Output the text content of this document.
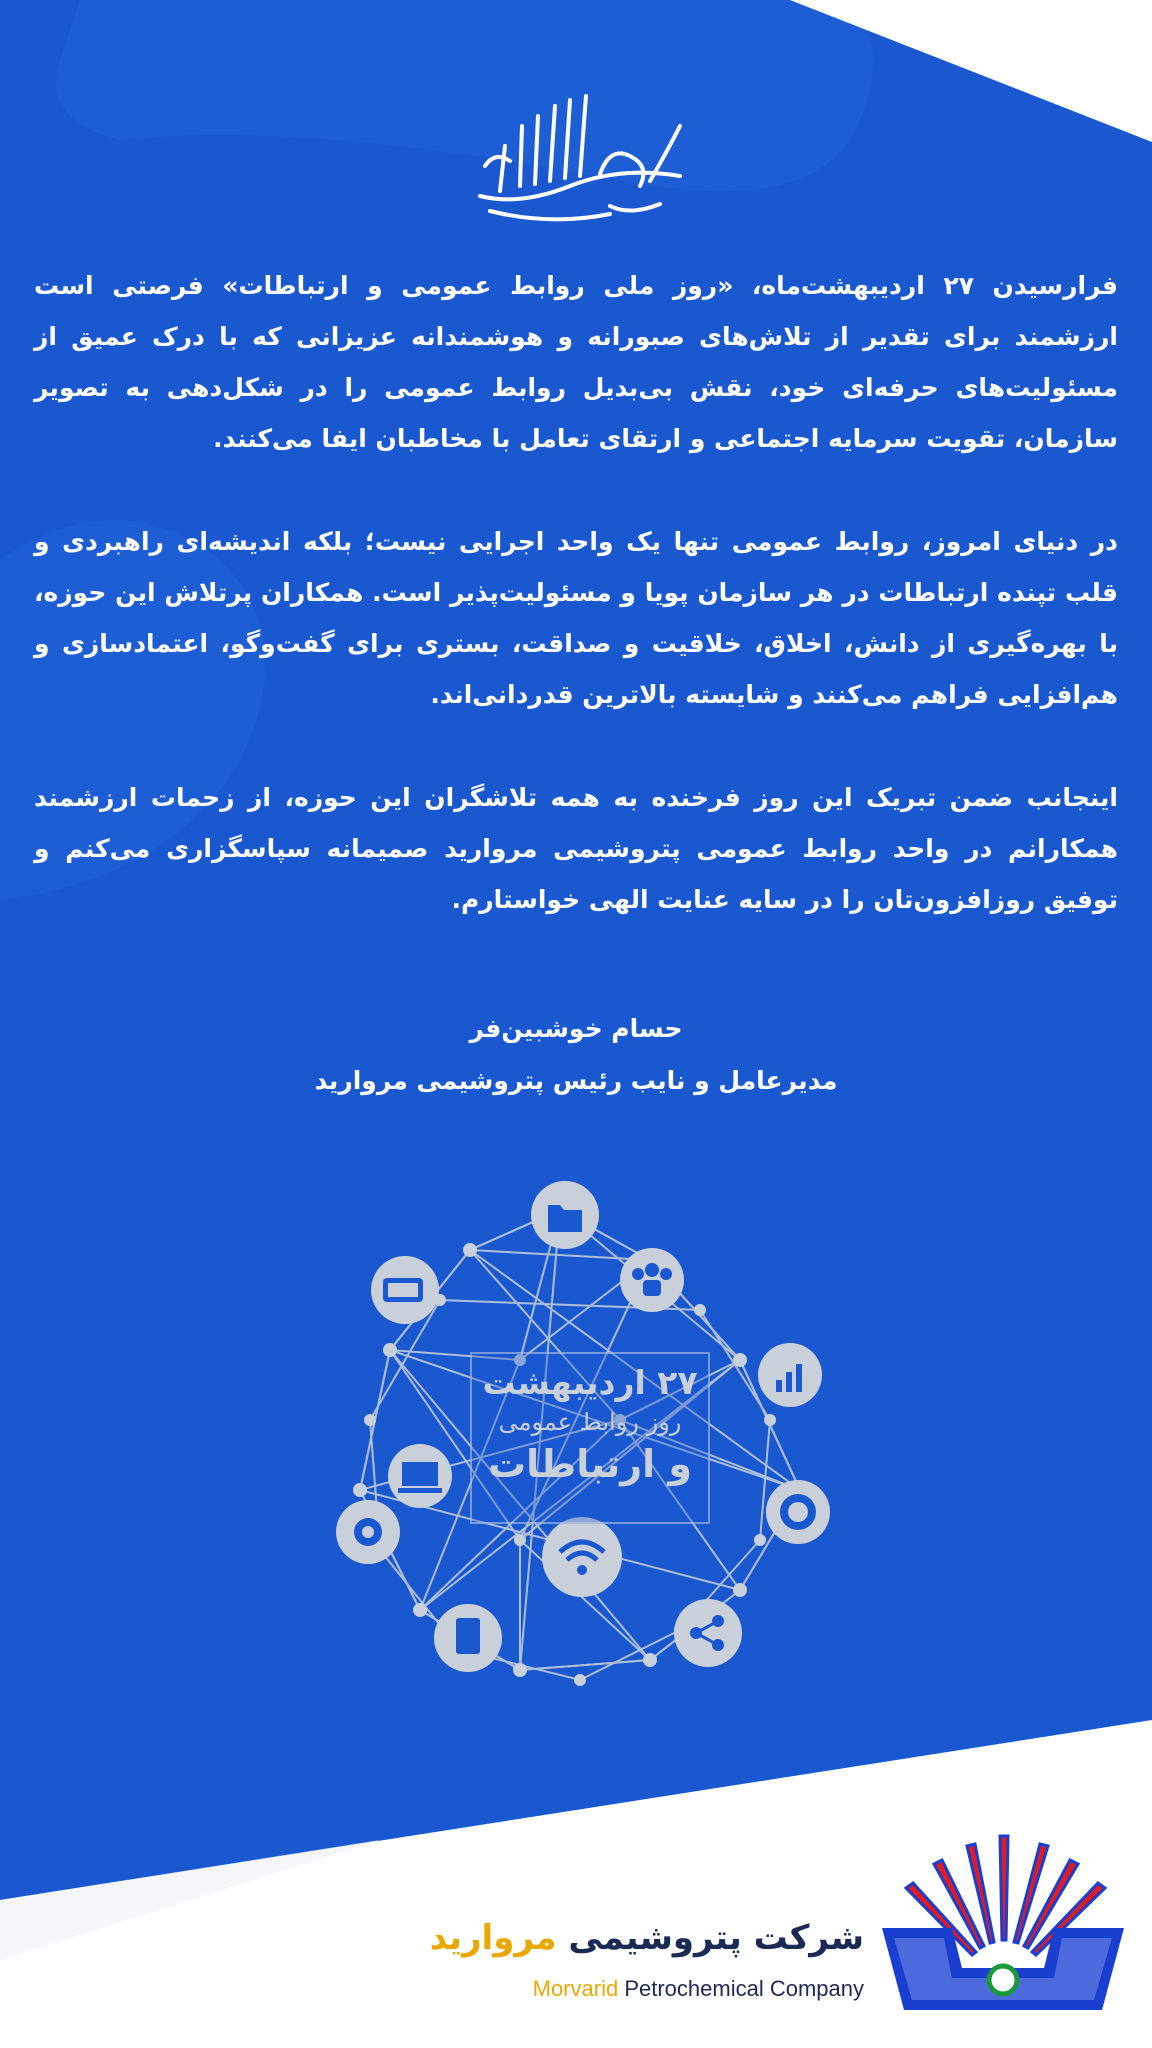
فرارسیدن ۲۷ اردیبهشت‌ماه، «روز ملی روابط عمومی و ارتباطات» فرصتی است ارزشمند برای تقدیر از تلاش‌های صبورانه و هوشمندانه عزیزانی که با درک عمیق از مسئولیت‌های حرفه‌ای خود، نقش بی‌بدیل روابط عمومی را در شکل‌دهی به تصویر سازمان، تقویت سرمایه اجتماعی و ارتقای تعامل با مخاطبان ایفا می‌کنند.

در دنیای امروز، روابط عمومی تنها یک واحد اجرایی نیست؛ بلکه اندیشه‌ای راهبردی و قلب تپنده ارتباطات در هر سازمان پویا و مسئولیت‌پذیر است. همکاران پرتلاش این حوزه، با بهره‌گیری از دانش، اخلاق، خلاقیت و صداقت، بستری برای گفت‌وگو، اعتمادسازی و هم‌افزایی فراهم می‌کنند و شایسته بالاترین قدردانی‌اند.

اینجانب ضمن تبریک این روز فرخنده به همه تلاشگران این حوزه، از زحمات ارزشمند همکارانم در واحد روابط عمومی پتروشیمی مروارید صمیمانه سپاسگزاری می‌کنم و توفیق روزافزون‌تان را در سایه عنایت الهی خواستارم.

حسام خوشبین‌فر
مدیرعامل و نایب رئیس پتروشیمی مروارید
۲۷ اردیبهشت
روز روابط عمومی
و ارتباطات
شرکت پتروشیمی مروارید
Morvarid Petrochemical Company
